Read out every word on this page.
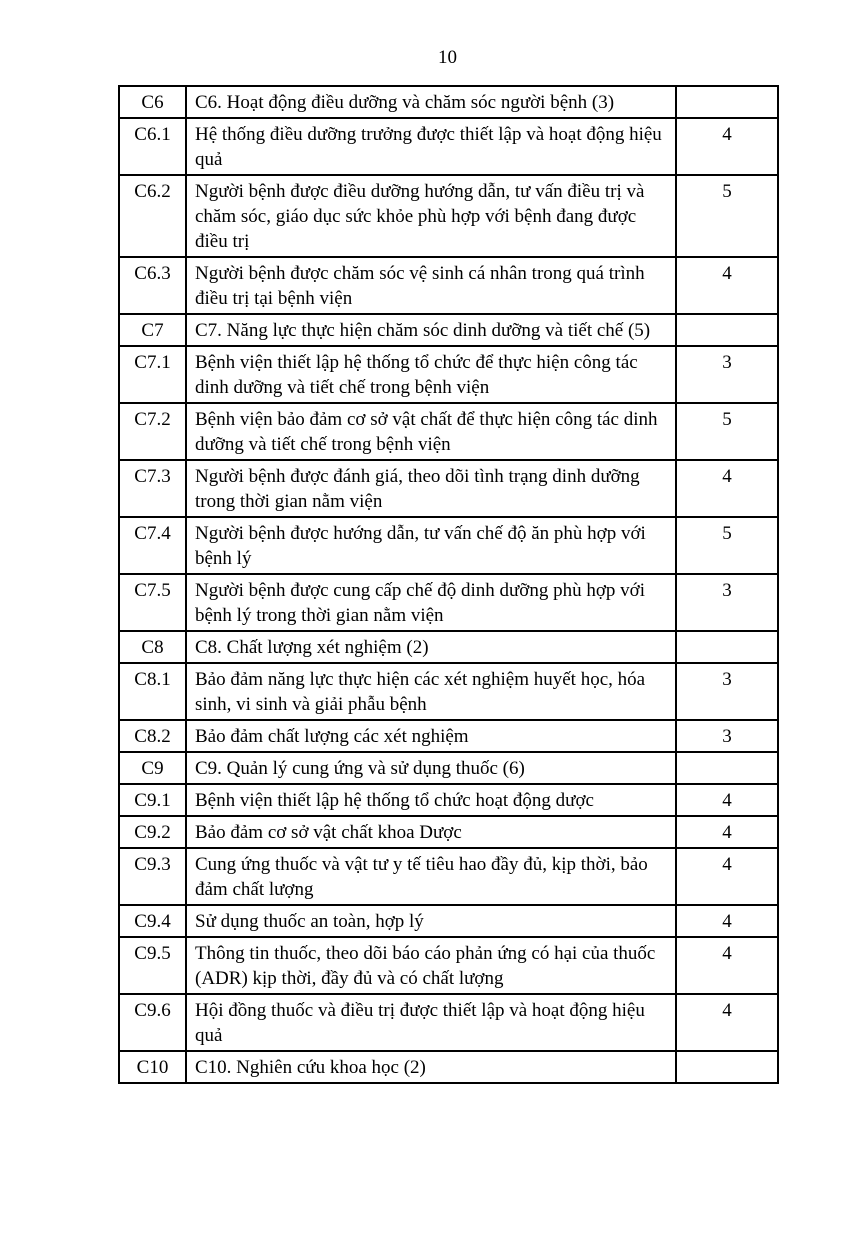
10
C6	C6. Hoạt động điều dưỡng và chăm sóc người bệnh (3)	
C6.1	Hệ thống điều dưỡng trưởng được thiết lập và hoạt động hiệu quả	4
C6.2	Người bệnh được điều dưỡng hướng dẫn, tư vấn điều trị và chăm sóc, giáo dục sức khỏe phù hợp với bệnh đang được điều trị	5
C6.3	Người bệnh được chăm sóc vệ sinh cá nhân trong quá trình điều trị tại bệnh viện	4
C7	C7. Năng lực thực hiện chăm sóc dinh dưỡng và tiết chế (5)	
C7.1	Bệnh viện thiết lập hệ thống tổ chức để thực hiện công tác dinh dưỡng và tiết chế trong bệnh viện	3
C7.2	Bệnh viện bảo đảm cơ sở vật chất để thực hiện công tác dinh dưỡng và tiết chế trong bệnh viện	5
C7.3	Người bệnh được đánh giá, theo dõi tình trạng dinh dưỡng trong thời gian nằm viện	4
C7.4	Người bệnh được hướng dẫn, tư vấn chế độ ăn phù hợp với bệnh lý	5
C7.5	Người bệnh được cung cấp chế độ dinh dưỡng phù hợp với bệnh lý trong thời gian nằm viện	3
C8	C8. Chất lượng xét nghiệm (2)	
C8.1	Bảo đảm năng lực thực hiện các xét nghiệm huyết học, hóa sinh, vi sinh và giải phẫu bệnh	3
C8.2	Bảo đảm chất lượng các xét nghiệm	3
C9	C9. Quản lý cung ứng và sử dụng thuốc (6)	
C9.1	Bệnh viện thiết lập hệ thống tổ chức hoạt động dược	4
C9.2	Bảo đảm cơ sở vật chất khoa Dược	4
C9.3	Cung ứng thuốc và vật tư y tế tiêu hao đầy đủ, kịp thời, bảo đảm chất lượng	4
C9.4	Sử dụng thuốc an toàn, hợp lý	4
C9.5	Thông tin thuốc, theo dõi báo cáo phản ứng có hại của thuốc (ADR) kịp thời, đầy đủ và có chất lượng	4
C9.6	Hội đồng thuốc và điều trị được thiết lập và hoạt động hiệu quả	4
C10	C10. Nghiên cứu khoa học (2)	
